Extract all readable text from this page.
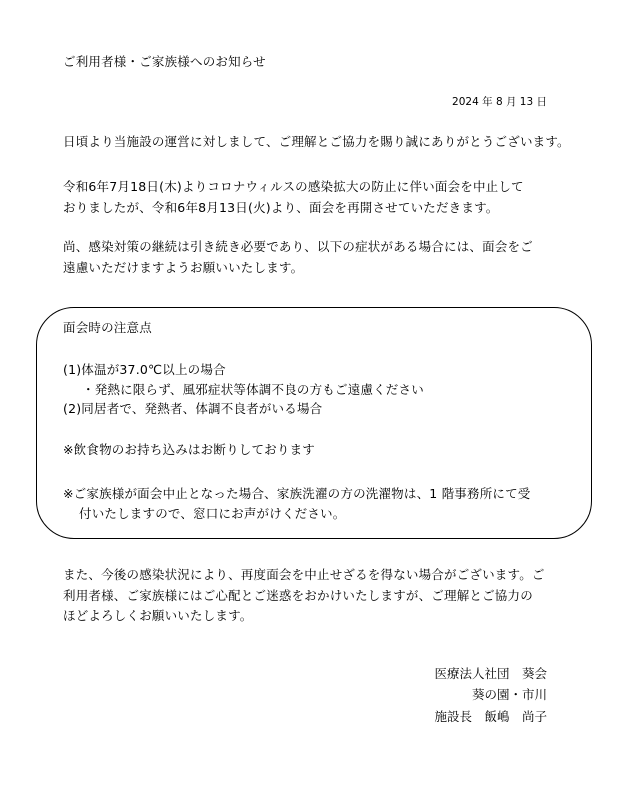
ご利用者様・ご家族様へのお知らせ
2024 年 8 月 13 日
日頃より当施設の運営に対しまして、ご理解とご協力を賜り誠にありがとうございます。
令和6年7月18日(木)よりコロナウィルスの感染拡大の防止に伴い面会を中止して
おりましたが、令和6年8月13日(火)より、面会を再開させていただきます。
尚、感染対策の継続は引き続き必要であり、以下の症状がある場合には、面会をご
遠慮いただけますようお願いいたします。
面会時の注意点
(1)体温が37.0℃以上の場合
・発熱に限らず、風邪症状等体調不良の方もご遠慮ください
(2)同居者で、発熱者、体調不良者がいる場合
※飲食物のお持ち込みはお断りしております
※ご家族様が面会中止となった場合、家族洗濯の方の洗濯物は、1 階事務所にて受
付いたしますので、窓口にお声がけください。
また、今後の感染状況により、再度面会を中止せざるを得ない場合がございます。ご
利用者様、ご家族様にはご心配とご迷惑をおかけいたしますが、ご理解とご協力の
ほどよろしくお願いいたします。
医療法人社団　葵会
葵の園・市川
施設長　飯嶋　尚子
